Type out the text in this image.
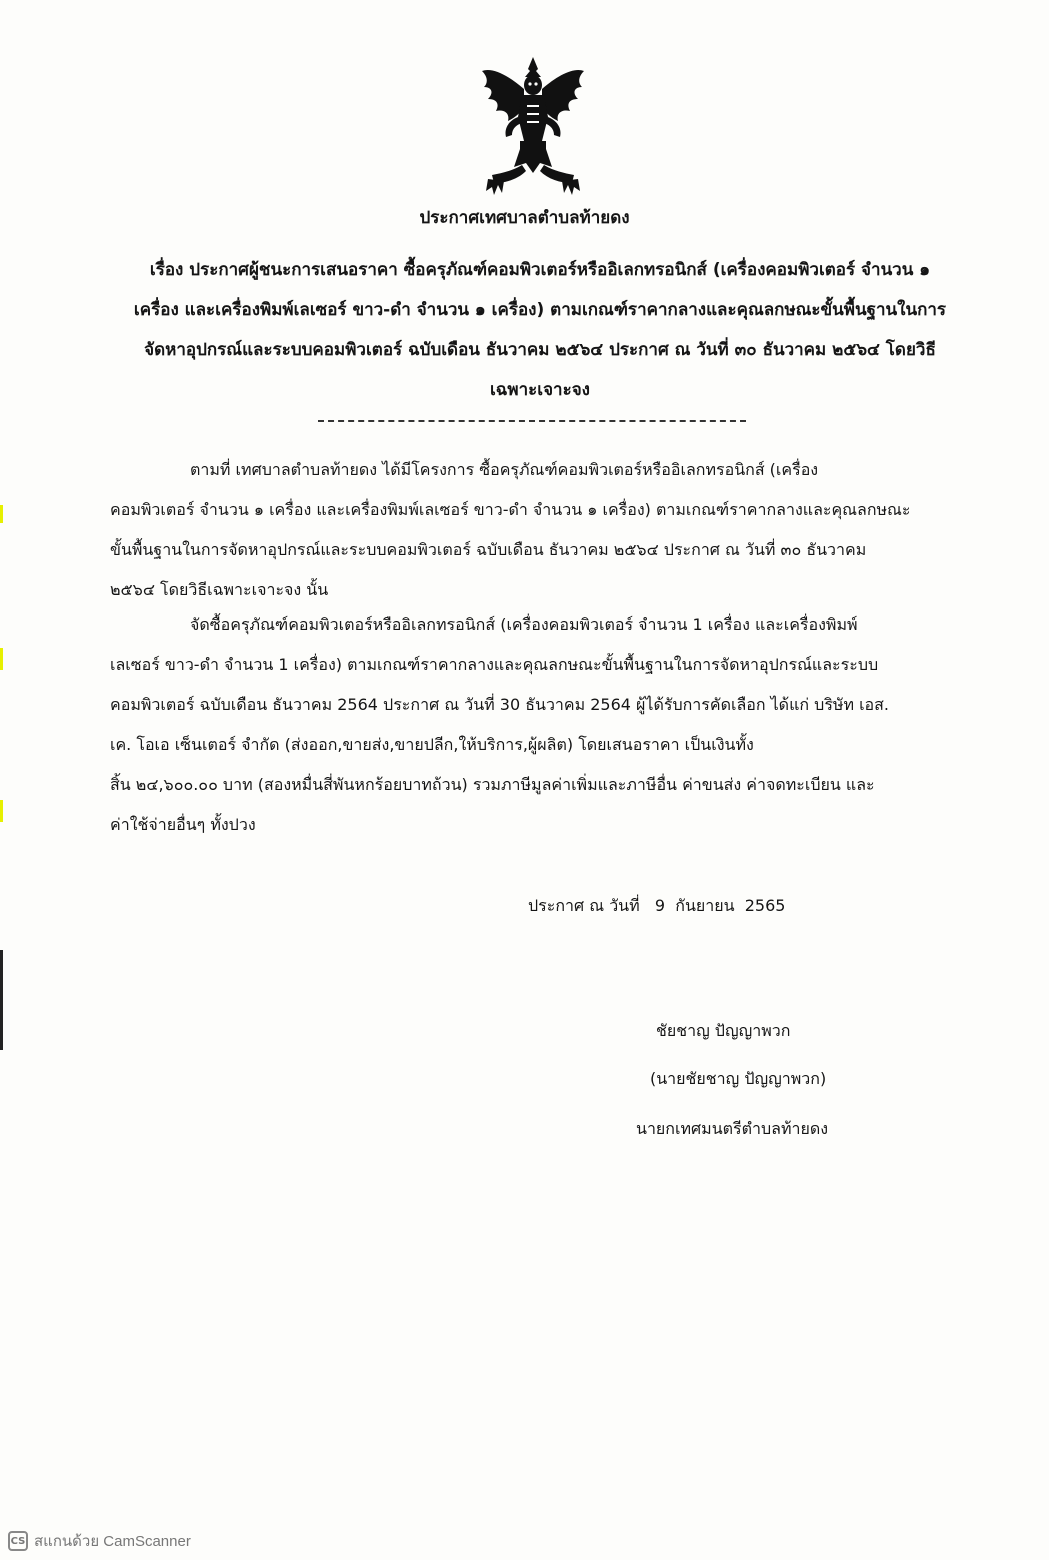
ประกาศเทศบาลตำบลท้ายดง
เรื่อง ประกาศผู้ชนะการเสนอราคา ซื้อครุภัณฑ์คอมพิวเตอร์หรืออิเลกทรอนิกส์ (เครื่องคอมพิวเตอร์ จำนวน ๑
เครื่อง และเครื่องพิมพ์เลเซอร์ ขาว-ดำ จำนวน ๑ เครื่อง) ตามเกณฑ์ราคากลางและคุณลกษณะขั้นพื้นฐานในการ
จัดหาอุปกรณ์และระบบคอมพิวเตอร์ ฉบับเดือน ธันวาคม ๒๕๖๔ ประกาศ ณ วันที่ ๓๐ ธันวาคม ๒๕๖๔ โดยวิธี
เฉพาะเจาะจง
ตามที่ เทศบาลตำบลท้ายดง ได้มีโครงการ ซื้อครุภัณฑ์คอมพิวเตอร์หรืออิเลกทรอนิกส์ (เครื่อง
คอมพิวเตอร์ จำนวน ๑ เครื่อง และเครื่องพิมพ์เลเซอร์ ขาว-ดำ จำนวน ๑ เครื่อง) ตามเกณฑ์ราคากลางและคุณลกษณะ
ขั้นพื้นฐานในการจัดหาอุปกรณ์และระบบคอมพิวเตอร์ ฉบับเดือน ธันวาคม ๒๕๖๔ ประกาศ ณ วันที่ ๓๐ ธันวาคม
๒๕๖๔ โดยวิธีเฉพาะเจาะจง นั้น
จัดซื้อครุภัณฑ์คอมพิวเตอร์หรืออิเลกทรอนิกส์ (เครื่องคอมพิวเตอร์ จำนวน 1 เครื่อง และเครื่องพิมพ์
เลเซอร์ ขาว-ดำ จำนวน 1 เครื่อง) ตามเกณฑ์ราคากลางและคุณลกษณะขั้นพื้นฐานในการจัดหาอุปกรณ์และระบบ
คอมพิวเตอร์ ฉบับเดือน ธันวาคม 2564 ประกาศ ณ วันที่ 30 ธันวาคม 2564 ผู้ได้รับการคัดเลือก ได้แก่ บริษัท เอส.
เค. โอเอ เซ็นเตอร์ จำกัด (ส่งออก,ขายส่ง,ขายปลีก,ให้บริการ,ผู้ผลิต) โดยเสนอราคา เป็นเงินทั้ง
สิ้น ๒๔,๖๐๐.๐๐ บาท (สองหมื่นสี่พันหกร้อยบาทถ้วน) รวมภาษีมูลค่าเพิ่มและภาษีอื่น ค่าขนส่ง ค่าจดทะเบียน และ
ค่าใช้จ่ายอื่นๆ ทั้งปวง
ประกาศ ณ วันที่   9  กันยายน  2565
ชัยชาญ ปัญญาพวก
(นายชัยชาญ ปัญญาพวก)
นายกเทศมนตรีตำบลท้ายดง
CS สแกนด้วย CamScanner
